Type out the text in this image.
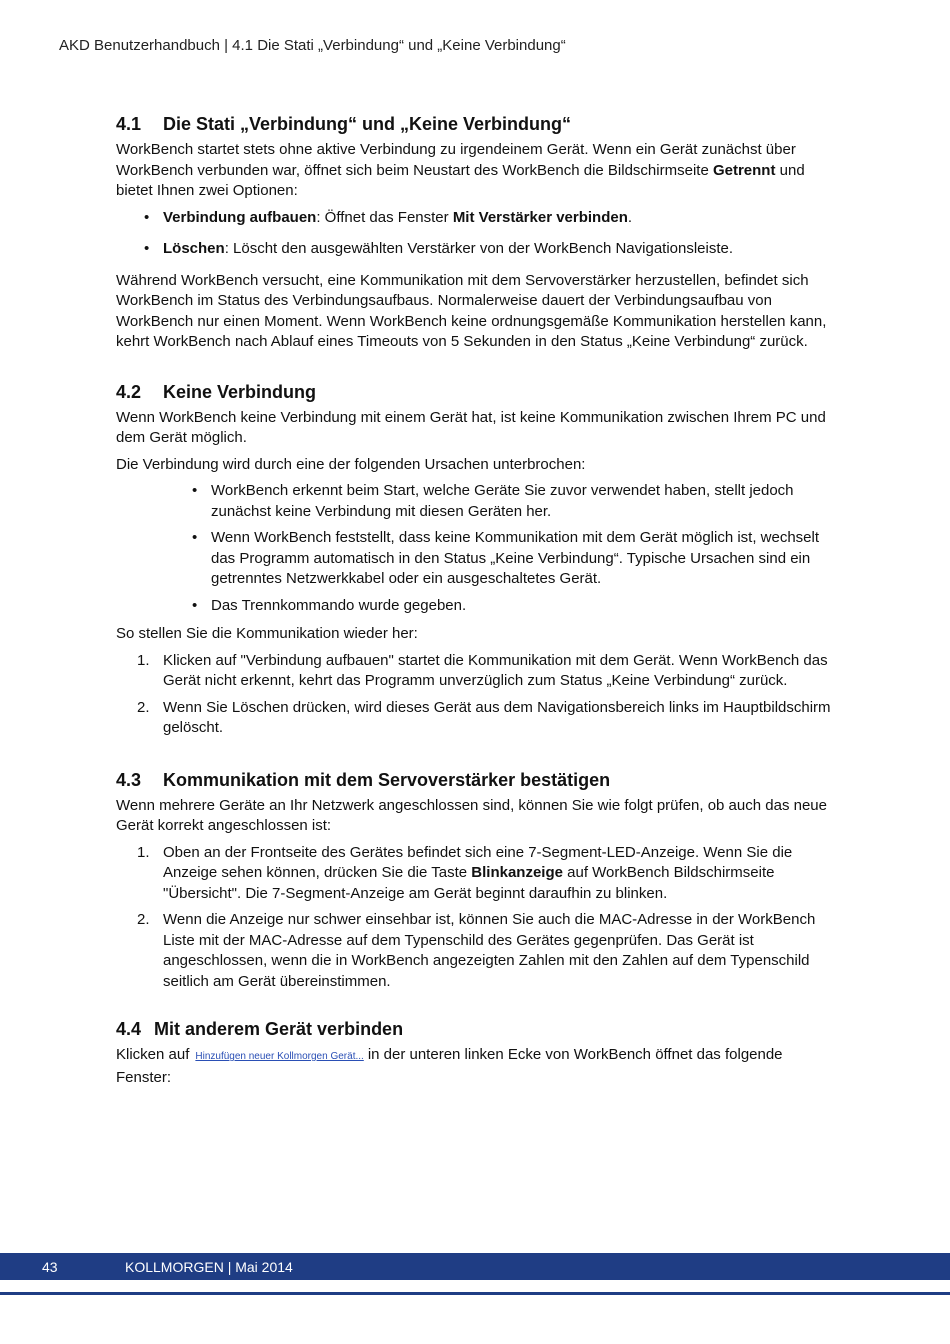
AKD Benutzerhandbuch | 4.1 Die Stati „Verbindung“ und „Keine Verbindung“
4.1 Die Stati „Verbindung“ und „Keine Verbindung“

WorkBench startet stets ohne aktive Verbindung zu irgendeinem Gerät. Wenn ein Gerät zunächst über WorkBench verbunden war, öffnet sich beim Neustart des WorkBench die Bildschirmseite Getrennt und bietet Ihnen zwei Optionen:

• Verbindung aufbauen: Öffnet das Fenster Mit Verstärker verbinden.
• Löschen: Löscht den ausgewählten Verstärker von der WorkBench Navigationsleiste.

Während WorkBench versucht, eine Kommunikation mit dem Servoverstärker herzustellen, befindet sich WorkBench im Status des Verbindungsaufbaus. Normalerweise dauert der Verbindungsaufbau von WorkBench nur einen Moment. Wenn WorkBench keine ordnungsgemäße Kommunikation herstellen kann, kehrt WorkBench nach Ablauf eines Timeouts von 5 Sekunden in den Status „Keine Verbindung“ zurück.

4.2 Keine Verbindung

Wenn WorkBench keine Verbindung mit einem Gerät hat, ist keine Kommunikation zwischen Ihrem PC und dem Gerät möglich.

Die Verbindung wird durch eine der folgenden Ursachen unterbrochen:

• WorkBench erkennt beim Start, welche Geräte Sie zuvor verwendet haben, stellt jedoch zunächst keine Verbindung mit diesen Geräten her.
• Wenn WorkBench feststellt, dass keine Kommunikation mit dem Gerät möglich ist, wechselt das Programm automatisch in den Status „Keine Verbindung“. Typische Ursachen sind ein getrenntes Netzwerkkabel oder ein ausgeschaltetes Gerät.
• Das Trennkommando wurde gegeben.

So stellen Sie die Kommunikation wieder her:

1. Klicken auf "Verbindung aufbauen" startet die Kommunikation mit dem Gerät. Wenn WorkBench das Gerät nicht erkennt, kehrt das Programm unverzüglich zum Status „Keine Verbindung“ zurück.
2. Wenn Sie Löschen drücken, wird dieses Gerät aus dem Navigationsbereich links im Hauptbildschirm gelöscht.
4.3 Kommunikation mit dem Servoverstärker bestätigen

Wenn mehrere Geräte an Ihr Netzwerk angeschlossen sind, können Sie wie folgt prüfen, ob auch das neue Gerät korrekt angeschlossen ist:

1. Oben an der Frontseite des Gerätes befindet sich eine 7-Segment-LED-Anzeige. Wenn Sie die Anzeige sehen können, drücken Sie die Taste Blinkanzeige auf WorkBench Bildschirmseite "Übersicht". Die 7-Segment-Anzeige am Gerät beginnt daraufhin zu blinken.
2. Wenn die Anzeige nur schwer einsehbar ist, können Sie auch die MAC-Adresse in der WorkBench Liste mit der MAC-Adresse auf dem Typenschild des Gerätes gegenprüfen. Das Gerät ist angeschlossen, wenn die in WorkBench angezeigten Zahlen mit den Zahlen auf dem Typenschild seitlich am Gerät übereinstimmen.
4.4 Mit anderem Gerät verbinden

Klicken auf Hinzufügen neuer Kollmorgen Gerät... in der unteren linken Ecke von WorkBench öffnet das folgende Fenster:

43	KOLLMORGEN | Mai 2014
